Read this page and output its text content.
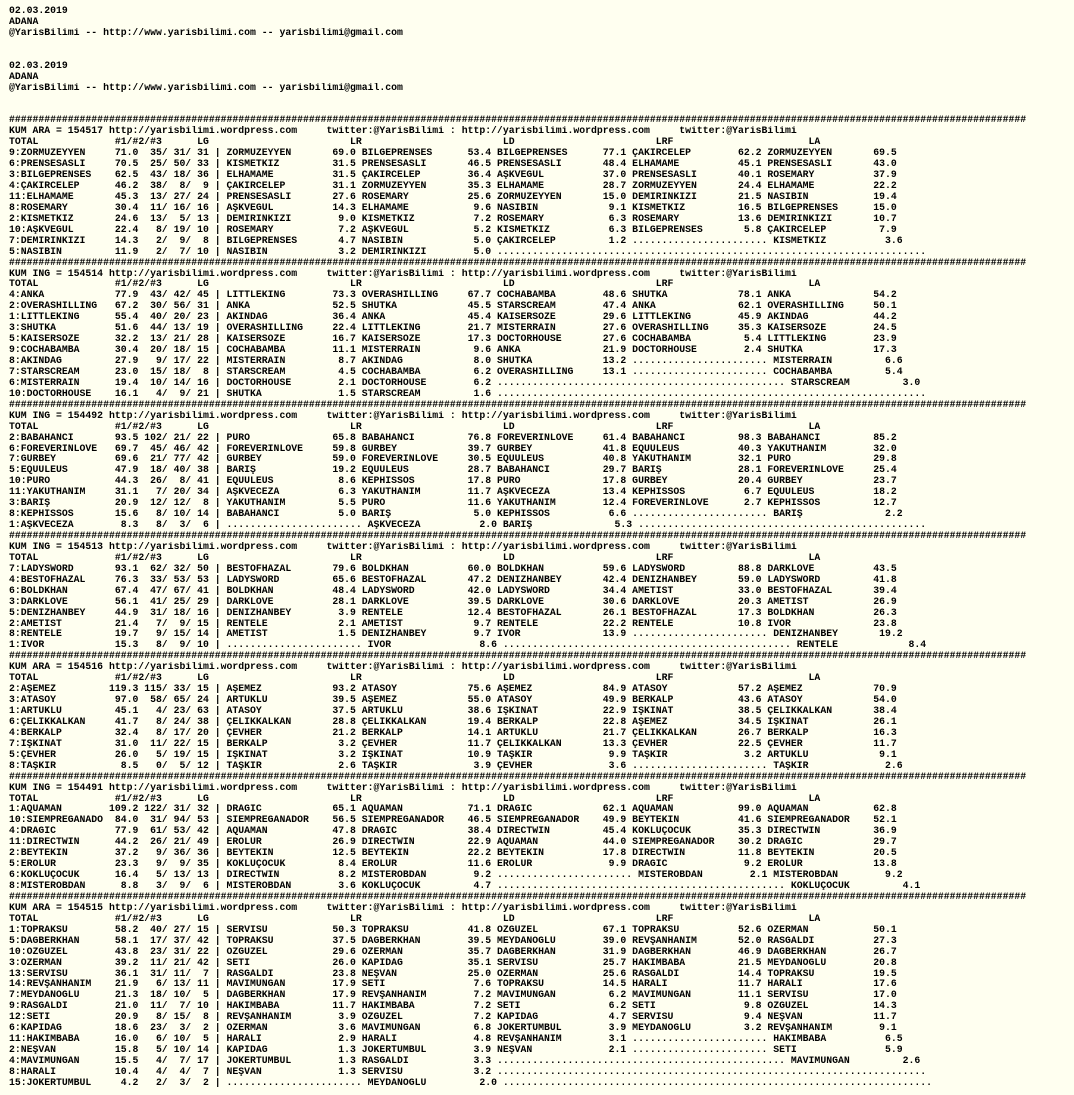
02.03.2019
ADANA
@YarisBilimi -- http://www.yarisbilimi.com -- yarisbilimi@gmail.com

02.03.2019
ADANA
@YarisBilimi -- http://www.yarisbilimi.com -- yarisbilimi@gmail.com

#############################################################################################################################################################################
KUM ARA = 154517 http://yarisbilimi.wordpress.com     twitter:@YarisBilimi : http://yarisbilimi.wordpress.com     twitter:@YarisBilimi
TOTAL             #1/#2/#3      LG                        LR                        LD                        LRF                       LA
9:ZORMÜZEYYEN     71.0  35/ 31/ 31 | ZORMÜZEYYEN       69.0 BİLGEPRENSES      53.4 BİLGEPRENSES      77.1 ÇAKIRCELEP        62.2 ZORMÜZEYYEN       69.5
6:PRENSESASLI     70.5  25/ 50/ 33 | KISMETKIZ         31.5 PRENSESASLI       46.5 PRENSESASLI       48.4 ELHAMAME          45.1 PRENSESASLI       43.0
3:BİLGEPRENSES    62.5  43/ 18/ 36 | ELHAMAME          31.5 ÇAKIRCELEP        36.4 AŞKVEGÜL          37.0 PRENSESASLI       40.1 ROSEMARY          37.9
4:ÇAKIRCELEP      46.2  38/  8/  9 | ÇAKIRCELEP        31.1 ZORMÜZEYYEN       35.3 ELHAMAME          28.7 ZORMÜZEYYEN       24.4 ELHAMAME          22.2
11:ELHAMAME       45.3  13/ 27/ 24 | PRENSESASLI       27.6 ROSEMARY          25.6 ZORMÜZEYYEN       15.0 DEMİRİNKIZI       21.5 NASİBİN           19.4
8:ROSEMARY        30.4  11/ 16/ 16 | AŞKVEGÜL          14.3 ELHAMAME           9.6 NASİBİN            9.1 KISMETKIZ         16.5 BİLGEPRENSES      15.0
2:KISMETKIZ       24.6  13/  5/ 13 | DEMİRİNKIZI        9.0 KISMETKIZ          7.2 ROSEMARY           6.3 ROSEMARY          13.6 DEMİRİNKIZI       10.7
10:AŞKVEGÜL       22.4   8/ 19/ 10 | ROSEMARY           7.2 AŞKVEGÜL           5.2 KISMETKIZ          6.3 BİLGEPRENSES       5.8 ÇAKIRCELEP         7.9
7:DEMİRİNKIZI     14.3   2/  9/  8 | BİLGEPRENSES       4.7 NASİBİN            5.0 ÇAKIRCELEP         1.2 ....................... KISMETKIZ          3.6
5:NASİBİN         11.9   2/  7/ 10 | NASİBİN            3.2 DEMİRİNKIZI        5.0 .........................................................................
#############################################################################################################################################################################
KUM İNG = 154514 http://yarisbilimi.wordpress.com     twitter:@YarisBilimi : http://yarisbilimi.wordpress.com     twitter:@YarisBilimi
TOTAL             #1/#2/#3      LG                        LR                        LD                        LRF                       LA
4:ANKA            77.9  43/ 42/ 45 | LITTLEKING        73.3 OVERASHILLING     67.7 COCHABAMBA        48.6 SHUTKA            78.1 ANKA              54.2
2:OVERASHILLING   67.2  30/ 56/ 31 | ANKA              52.5 SHUTKA            45.5 STARSCREAM        47.4 ANKA              62.1 OVERASHILLING     50.1
1:LITTLEKING      55.4  40/ 20/ 23 | AKINDAĞ           36.4 ANKA              45.4 KAISERSOZE        29.6 LITTLEKING        45.9 AKINDAĞ           44.2
3:SHUTKA          51.6  44/ 13/ 19 | OVERASHILLING     22.4 LITTLEKING        21.7 MISTERRAIN        27.6 OVERASHILLING     35.3 KAISERSOZE        24.5
5:KAISERSOZE      32.2  13/ 21/ 28 | KAISERSOZE        16.7 KAISERSOZE        17.3 DOCTORHOUSE       27.6 COCHABAMBA         5.4 LITTLEKING        23.9
9:COCHABAMBA      30.4  20/ 18/ 15 | COCHABAMBA        11.1 MISTERRAIN         9.6 ANKA              21.9 DOCTORHOUSE        2.4 SHUTKA            17.3
8:AKINDAĞ         27.9   9/ 17/ 22 | MISTERRAIN         8.7 AKINDAĞ            8.0 SHUTKA            13.2 ....................... MISTERRAIN         6.6
7:STARSCREAM      23.0  15/ 18/  8 | STARSCREAM         4.5 COCHABAMBA         6.2 OVERASHILLING     13.1 ....................... COCHABAMBA         5.4
6:MISTERRAIN      19.4  10/ 14/ 16 | DOCTORHOUSE        2.1 DOCTORHOUSE        6.2 ................................................. STARSCREAM         3.0
10:DOCTORHOUSE    16.1   4/  9/ 21 | SHUTKA             1.5 STARSCREAM         1.6 .........................................................................
#############################################################################################################################################################################
KUM İNG = 154492 http://yarisbilimi.wordpress.com     twitter:@YarisBilimi : http://yarisbilimi.wordpress.com     twitter:@YarisBilimi
TOTAL             #1/#2/#3      LG                        LR                        LD                        LRF                       LA
2:BABAHANCI       93.5 102/ 21/ 22 | PURO              65.8 BABAHANCI         76.8 FOREVERINLOVE     61.4 BABAHANCI         98.3 BABAHANCI         85.2
6:FOREVERINLOVE   69.7  45/ 46/ 42 | FOREVERINLOVE     59.8 GURBEY            39.7 GURBEY            41.8 EQUULEUS          40.3 YAKUTHANIM        32.0
7:GURBEY          69.6  21/ 77/ 42 | GURBEY            59.0 FOREVERINLOVE     30.5 EQUULEUS          40.8 YAKUTHANIM        32.1 PURO              29.8
5:EQUULEUS        47.9  18/ 40/ 38 | BARIŞ             19.2 EQUULEUS          28.7 BABAHANCI         29.7 BARIŞ             28.1 FOREVERINLOVE     25.4
10:PURO           44.3  26/  8/ 41 | EQUULEUS           8.6 KEPHISSOS         17.8 PURO              17.8 GURBEY            20.4 GURBEY            23.7
11:YAKUTHANIM     31.1   7/ 20/ 34 | AŞKVECEZA          6.3 YAKUTHANIM        11.7 AŞKVECEZA         13.4 KEPHISSOS          6.7 EQUULEUS          18.2
3:BARIŞ           20.9  12/ 12/  8 | YAKUTHANIM         5.5 PURO              11.6 YAKUTHANIM        12.4 FOREVERINLOVE      2.7 KEPHISSOS         12.7
8:KEPHISSOS       15.6   8/ 10/ 14 | BABAHANCI          5.0 BARIŞ              5.0 KEPHISSOS          6.6 ....................... BARIŞ              2.2
1:AŞKVECEZA        8.3   8/  3/  6 | ....................... AŞKVECEZA          2.0 BARIŞ              5.3 .................................................
#############################################################################################################################################################################
KUM İNG = 154513 http://yarisbilimi.wordpress.com     twitter:@YarisBilimi : http://yarisbilimi.wordpress.com     twitter:@YarisBilimi
TOTAL             #1/#2/#3      LG                        LR                        LD                        LRF                       LA
7:LADYSWORD       93.1  62/ 32/ 50 | BESTOFHAZAL       79.6 BOLDKHAN          60.0 BOLDKHAN          59.6 LADYSWORD         88.8 DARKLOVE          43.5
4:BESTOFHAZAL     76.3  33/ 53/ 53 | LADYSWORD         65.6 BESTOFHAZAL       47.2 DENİZHANBEY       42.4 DENİZHANBEY       59.0 LADYSWORD         41.8
6:BOLDKHAN        67.4  47/ 67/ 41 | BOLDKHAN          48.4 LADYSWORD         42.0 LADYSWORD         34.4 AMETİST           33.0 BESTOFHAZAL       39.4
3:DARKLOVE        56.1  41/ 25/ 29 | DARKLOVE          28.1 DARKLOVE          39.5 DARKLOVE          30.6 DARKLOVE          20.3 AMETİST           26.9
5:DENİZHANBEY     44.9  31/ 18/ 16 | DENİZHANBEY        3.9 RENTELE           12.4 BESTOFHAZAL       26.1 BESTOFHAZAL       17.3 BOLDKHAN          26.3
2:AMETİST         21.4   7/  9/ 15 | RENTELE            2.1 AMETİST            9.7 RENTELE           22.2 RENTELE           10.8 IVOR              23.8
8:RENTELE         19.7   9/ 15/ 14 | AMETİST            1.5 DENİZHANBEY        9.7 IVOR              13.9 ....................... DENİZHANBEY       19.2
1:IVOR            15.3   8/  9/ 10 | ....................... IVOR               8.6 ................................................. RENTELE            8.4
#############################################################################################################################################################################
KUM ARA = 154516 http://yarisbilimi.wordpress.com     twitter:@YarisBilimi : http://yarisbilimi.wordpress.com     twitter:@YarisBilimi
TOTAL             #1/#2/#3      LG                        LR                        LD                        LRF                       LA
2:AŞEMEZ         119.3 115/ 33/ 15 | AŞEMEZ            93.2 ATASOY            75.6 AŞEMEZ            84.9 ATASOY            57.2 AŞEMEZ            70.9
3:ATASOY          97.0  58/ 65/ 24 | ARTUKLU           39.5 AŞEMEZ            55.0 ATASOY            49.9 BERKALP           43.6 ATASOY            54.0
1:ARTUKLU         45.1   4/ 23/ 63 | ATASOY            37.5 ARTUKLU           38.6 IŞKINAT           22.9 IŞKINAT           38.5 ÇELİKKALKAN       38.4
6:ÇELİKKALKAN     41.7   8/ 24/ 38 | ÇELİKKALKAN       28.8 ÇELİKKALKAN       19.4 BERKALP           22.8 AŞEMEZ            34.5 IŞKINAT           26.1
4:BERKALP         32.4   8/ 17/ 20 | ÇEVHER            21.2 BERKALP           14.1 ARTUKLU           21.7 ÇELİKKALKAN       26.7 BERKALP           16.3
7:IŞKINAT         31.0  11/ 22/ 15 | BERKALP            3.2 ÇEVHER            11.7 ÇELİKKALKAN       13.3 ÇEVHER            22.5 ÇEVHER            11.7
5:ÇEVHER          26.0   5/ 19/ 15 | IŞKINAT            3.2 IŞKINAT           10.9 TAŞKIR             9.9 TAŞKIR             3.2 ARTUKLU            9.1
8:TAŞKIR           8.5   0/  5/ 12 | TAŞKIR             2.6 TAŞKIR             3.9 ÇEVHER             3.6 ....................... TAŞKIR             2.6
#############################################################################################################################################################################
KUM İNG = 154491 http://yarisbilimi.wordpress.com     twitter:@YarisBilimi : http://yarisbilimi.wordpress.com     twitter:@YarisBilimi
TOTAL             #1/#2/#3      LG                        LR                        LD                        LRF                       LA
1:AQUAMAN        109.2 122/ 31/ 32 | DRAGIC            65.1 AQUAMAN           71.1 DRAGIC            62.1 AQUAMAN           99.0 AQUAMAN           62.8
10:SIEMPREGANADO  84.0  31/ 94/ 53 | SIEMPREGANADOR    56.5 SIEMPREGANADOR    46.5 SIEMPREGANADOR    49.9 BEYTEKİN          41.6 SIEMPREGANADOR    52.1
4:DRAGIC          77.9  61/ 53/ 42 | AQUAMAN           47.8 DRAGIC            38.4 DIRECTWIN         45.4 KOKLUÇOCUK        35.3 DIRECTWIN         36.9
11:DIRECTWIN      44.2  26/ 21/ 49 | EROLUR            26.9 DIRECTWIN         22.9 AQUAMAN           44.0 SIEMPREGANADOR    30.2 DRAGIC            29.7
2:BEYTEKİN        37.2   9/ 36/ 36 | BEYTEKİN          12.5 BEYTEKİN          22.2 BEYTEKİN          17.8 DIRECTWIN         11.8 BEYTEKİN          20.5
5:EROLUR          23.3   9/  9/ 35 | KOKLUÇOCUK         8.4 EROLUR            11.6 EROLUR             9.9 DRAGIC             9.2 EROLUR            13.8
6:KOKLUÇOCUK      16.4   5/ 13/ 13 | DIRECTWIN          8.2 MISTEROBDAN        9.2 ....................... MISTEROBDAN        2.1 MISTEROBDAN        9.2
8:MISTEROBDAN      8.8   3/  9/  6 | MISTEROBDAN        3.6 KOKLUÇOCUK         4.7 ................................................. KOKLUÇOCUK         4.1
#############################################################################################################################################################################
KUM ARA = 154515 http://yarisbilimi.wordpress.com     twitter:@YarisBilimi : http://yarisbilimi.wordpress.com     twitter:@YarisBilimi
TOTAL             #1/#2/#3      LG                        LR                        LD                        LRF                       LA
1:TOPRAKSU        58.2  40/ 27/ 15 | SERVİSU           50.3 TOPRAKSU          41.8 ÖZGÜZEL           67.1 TOPRAKSU          52.6 ÖZERMAN           50.1
5:DAĞBERKHAN      58.1  17/ 37/ 42 | TOPRAKSU          37.5 DAĞBERKHAN        39.5 MEYDANOĞLU        39.0 REVŞANHANIM       52.0 RASGALDİ          27.3
10:ÖZGÜZEL        43.8  23/ 31/ 22 | ÖZGÜZEL           29.6 ÖZERMAN           35.7 DAĞBERKHAN        31.9 DAĞBERKHAN        46.9 DAĞBERKHAN        26.7
3:ÖZERMAN         39.2  11/ 21/ 42 | SETİ              26.0 KAPIDAĞ           35.1 SERVİSU           25.7 HAKİMBABA         21.5 MEYDANOĞLU        20.8
13:SERVİSU        36.1  31/ 11/  7 | RASGALDİ          23.8 NEŞVAN            25.0 ÖZERMAN           25.6 RASGALDİ          14.4 TOPRAKSU          19.5
14:REVŞANHANIM    21.9   6/ 13/ 11 | MAVİMUNGAN        17.9 SETİ               7.6 TOPRAKSU          14.5 HARALI            11.7 HARALI            17.6
7:MEYDANOĞLU      21.3  18/ 10/  5 | DAĞBERKHAN        17.9 REVŞANHANIM        7.2 MAVİMUNGAN         6.2 MAVİMUNGAN        11.1 SERVİSU           17.0
9:RASGALDİ        21.0  11/  7/ 10 | HAKİMBABA         11.7 HAKİMBABA          7.2 SETİ               6.2 SETİ               9.8 ÖZGÜZEL           14.3
12:SETİ           20.9   8/ 15/  8 | REVŞANHANIM        3.9 ÖZGÜZEL            7.2 KAPIDAĞ            4.7 SERVİSU            9.4 NEŞVAN            11.7
6:KAPIDAĞ         18.6  23/  3/  2 | ÖZERMAN            3.6 MAVİMUNGAN         6.8 JOKERTUMBUL        3.9 MEYDANOĞLU         3.2 REVŞANHANIM        9.1
11:HAKİMBABA      16.0   6/ 10/  5 | HARALI             2.9 HARALI             4.8 REVŞANHANIM        3.1 ....................... HAKİMBABA          6.5
2:NEŞVAN          15.8   5/ 10/ 14 | KAPIDAĞ            1.3 JOKERTUMBUL        3.9 NEŞVAN             2.1 ....................... SETİ               5.9
4:MAVİMUNGAN      15.5   4/  7/ 17 | JOKERTUMBUL        1.3 RASGALDİ           3.3 ................................................. MAVİMUNGAN         2.6
8:HARALI          10.4   4/  4/  7 | NEŞVAN             1.3 SERVİSU            3.2 .........................................................................
15:JOKERTUMBUL     4.2   2/  3/  2 | ....................... MEYDANOĞLU         2.0 .........................................................................
